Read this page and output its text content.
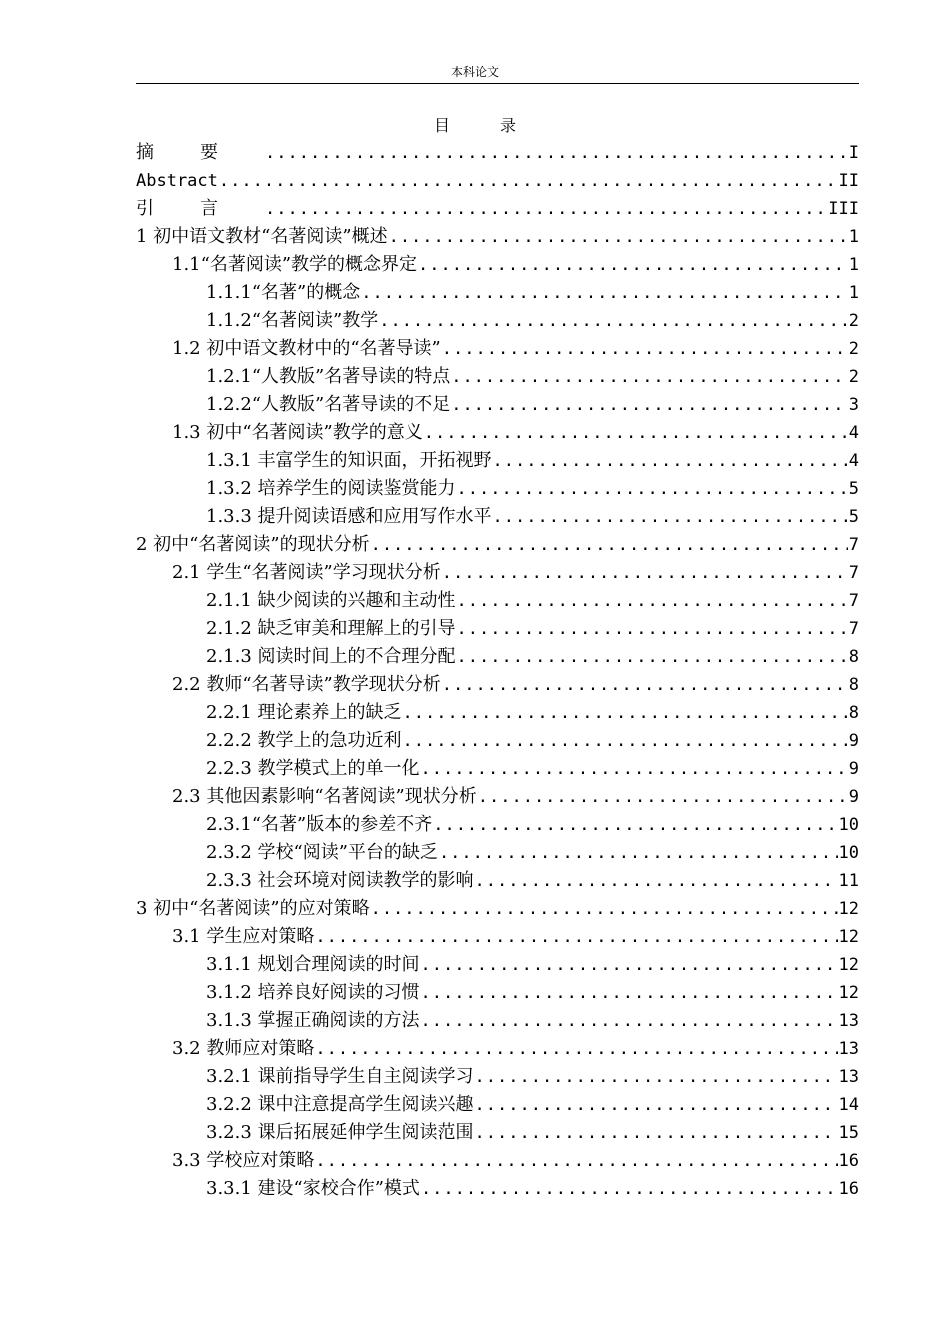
本科论文
目录
摘要 .....	I
Abstract .....	II
引言 .....	III
1 初中语文教材“名著阅读”概述 .....	1
1.1“名著阅读”教学的概念界定 .....	1
1.1.1“名著”的概念 .....	1
1.1.2“名著阅读”教学 .....	2
1.2 初中语文教材中的“名著导读” .....	2
1.2.1“人教版”名著导读的特点 .....	2
1.2.2“人教版”名著导读的不足 .....	3
1.3 初中“名著阅读”教学的意义 .....	4
1.3.1 丰富学生的知识面，开拓视野 .....	4
1.3.2 培养学生的阅读鉴赏能力 .....	5
1.3.3 提升阅读语感和应用写作水平 .....	5
2 初中“名著阅读”的现状分析 .....	7
2.1 学生“名著阅读”学习现状分析 .....	7
2.1.1 缺少阅读的兴趣和主动性 .....	7
2.1.2 缺乏审美和理解上的引导 .....	7
2.1.3 阅读时间上的不合理分配 .....	8
2.2 教师“名著导读”教学现状分析 .....	8
2.2.1 理论素养上的缺乏 .....	8
2.2.2 教学上的急功近利 .....	9
2.2.3 教学模式上的单一化 .....	9
2.3 其他因素影响“名著阅读”现状分析 .....	9
2.3.1“名著”版本的参差不齐 .....	10
2.3.2 学校“阅读”平台的缺乏 .....	10
2.3.3 社会环境对阅读教学的影响 .....	11
3 初中“名著阅读”的应对策略 .....	12
3.1 学生应对策略 .....	12
3.1.1 规划合理阅读的时间 .....	12
3.1.2 培养良好阅读的习惯 .....	12
3.1.3 掌握正确阅读的方法 .....	13
3.2 教师应对策略 .....	13
3.2.1 课前指导学生自主阅读学习 .....	13
3.2.2 课中注意提高学生阅读兴趣 .....	14
3.2.3 课后拓展延伸学生阅读范围 .....	15
3.3 学校应对策略 .....	16
3.3.1 建设“家校合作”模式 .....	16
